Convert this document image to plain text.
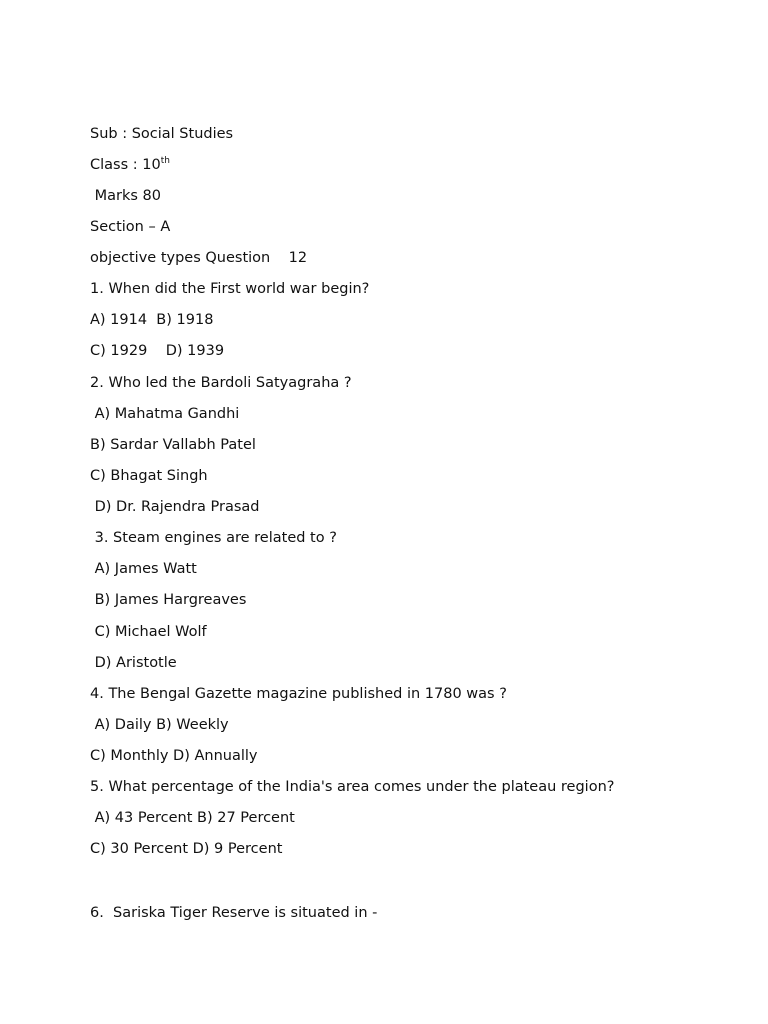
Sub : Social Studies
Class : 10th
Marks 80
Section – A
objective types Question    12
1. When did the First world war begin?
A) 1914⁠  B) 1918
C) 1929⁠    D) 1939
2. Who led the Bardoli Satyagraha ?
A) Mahatma Gandhi
B) Sardar Vallabh Patel
C) Bhagat Singh
D) Dr. Rajendra Prasad
3. Steam engines are related to ?
A) James Watt
B) James Hargreaves
C) Michael Wolf
D) Aristotle
4. The Bengal Gazette magazine published in 1780 was ?
A) Daily B) Weekly
C) Monthly D) Annually
5. What percentage of the India's area comes under the plateau region?
A) 43 Percent B) 27 Percent
C) 30 Percent D) 9 Percent
6.  Sariska Tiger Reserve is situated in -
